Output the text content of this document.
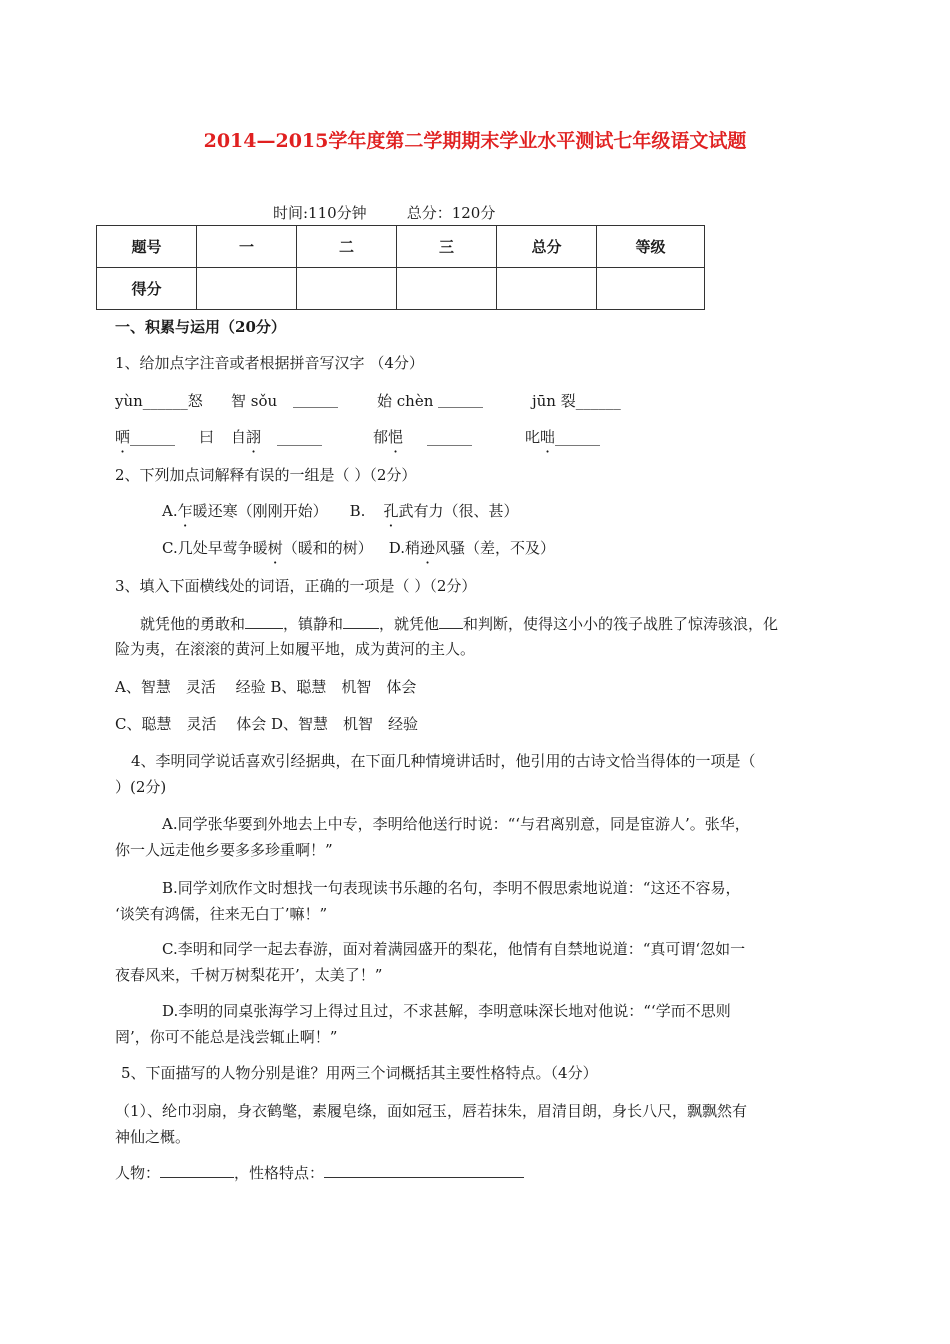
2014—2015学年度第二学期期末学业水平测试七年级语文试题
时间:110分钟	总分：120分
题号	一	二	三	总分	等级
得分					
一、积累与运用（20分）
1、给加点字注音或者根据拼音写汉字 （4分）
yùn______怒 智 sǒu ______	始 chèn ______	jūn 裂______
哂______ 曰 自詡 ______	郁悒 ______	叱咄______
2、下列加点词解释有误的一组是（ ）（2分）
A.乍暖还寒（刚刚开始） B. 孔武有力（很、甚）
C.几处早莺争暖树（暖和的树） D.稍逊风骚（差，不及）
3、填入下面横线处的词语，正确的一项是（ ）（2分）
就凭他的勇敢和	，镇静和 ，就凭他 和判断，使得这小小的筏子战胜了惊涛骇浪，化
险为夷，在滚滚的黄河上如履平地，成为黄河的主人。
A、智慧　灵活　 经验 B、聪慧　机智　体会
C、聪慧　灵活　 体会 D、智慧　机智　经验
4、李明同学说话喜欢引经据典，在下面几种情境讲话时，他引用的古诗文恰当得体的一项是（
）(2分)
A.同学张华要到外地去上中专，李明给他送行时说：“‘与君离别意，同是宦游人’。张华，
你一人远走他乡要多多珍重啊！”
B.同学刘欣作文时想找一句表现读书乐趣的名句，李明不假思索地说道：“这还不容易，
‘谈笑有鸿儒，往来无白丁’嘛！”
C.李明和同学一起去春游，面对着满园盛开的梨花，他情有自禁地说道：“真可谓‘忽如一
夜春风来，千树万树梨花开’，太美了！”
D.李明的同桌张海学习上得过且过，不求甚解，李明意味深长地对他说：“‘学而不思则
罔’，你可不能总是浅尝辄止啊！”
5、下面描写的人物分别是谁？用两三个词概括其主要性格特点。（4分）
（1）、纶巾羽扇，身衣鹤氅，素履皂绦，面如冠玉，唇若抹朱，眉清目朗，身长八尺，飘飘然有
神仙之概。
人物：	，性格特点：
